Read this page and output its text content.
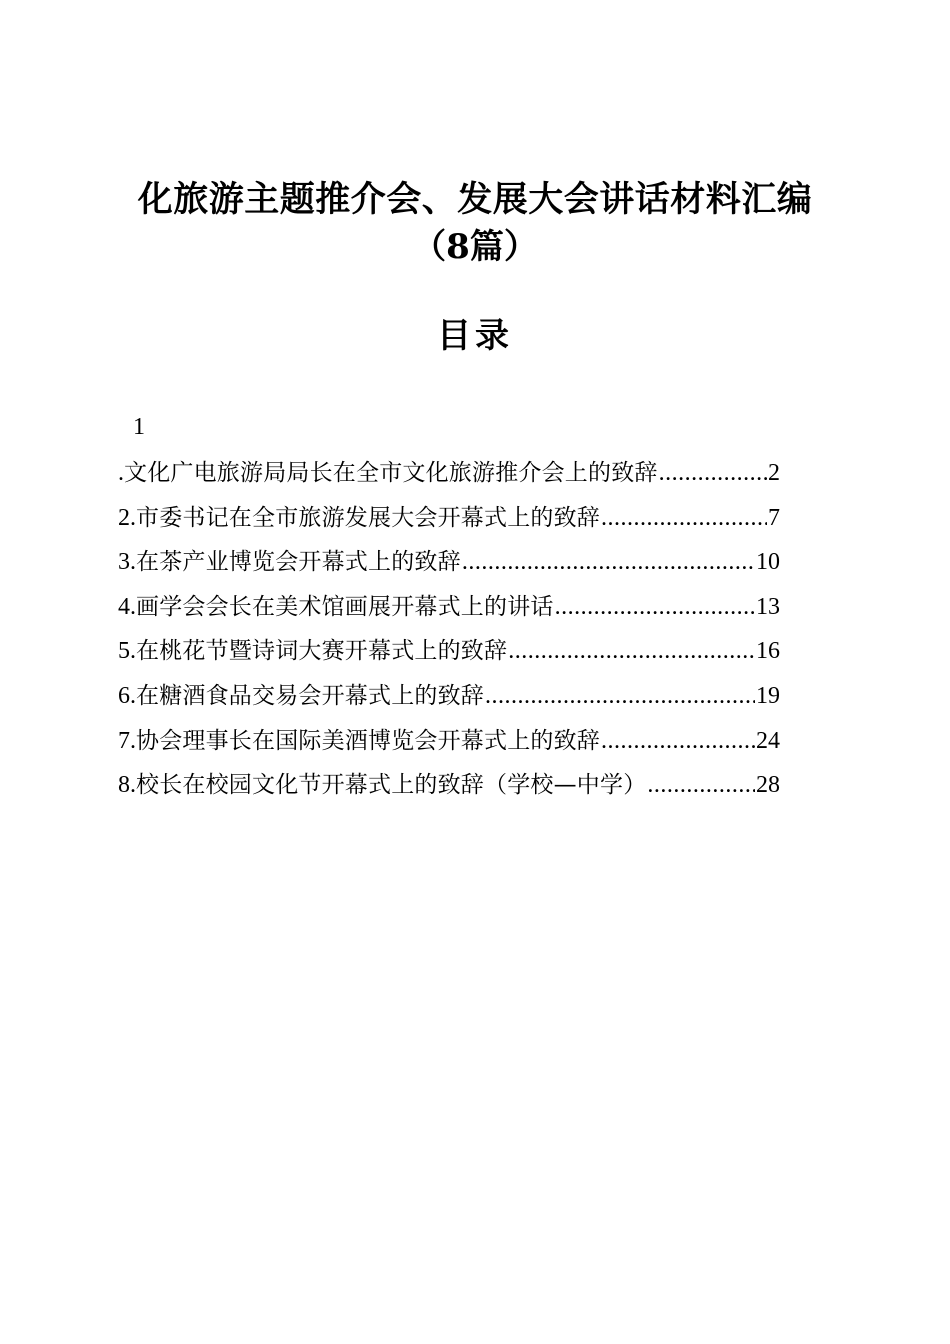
化旅游主题推介会、发展大会讲话材料汇编
（8篇）
目录
1
. 文化广电旅游局局长在全市文化旅游推介会上的致辞 .....	2
2. 市委书记在全市旅游发展大会开幕式上的致辞 .....	7
3. 在茶产业博览会开幕式上的致辞 .....	10
4. 画学会会长在美术馆画展开幕式上的讲话 .....	13
5. 在桃花节暨诗词大赛开幕式上的致辞 .....	16
6. 在糖酒食品交易会开幕式上的致辞 .....	19
7. 协会理事长在国际美酒博览会开幕式上的致辞 .....	24
8. 校长在校园文化节开幕式上的致辞（学校—中学） .....	28
